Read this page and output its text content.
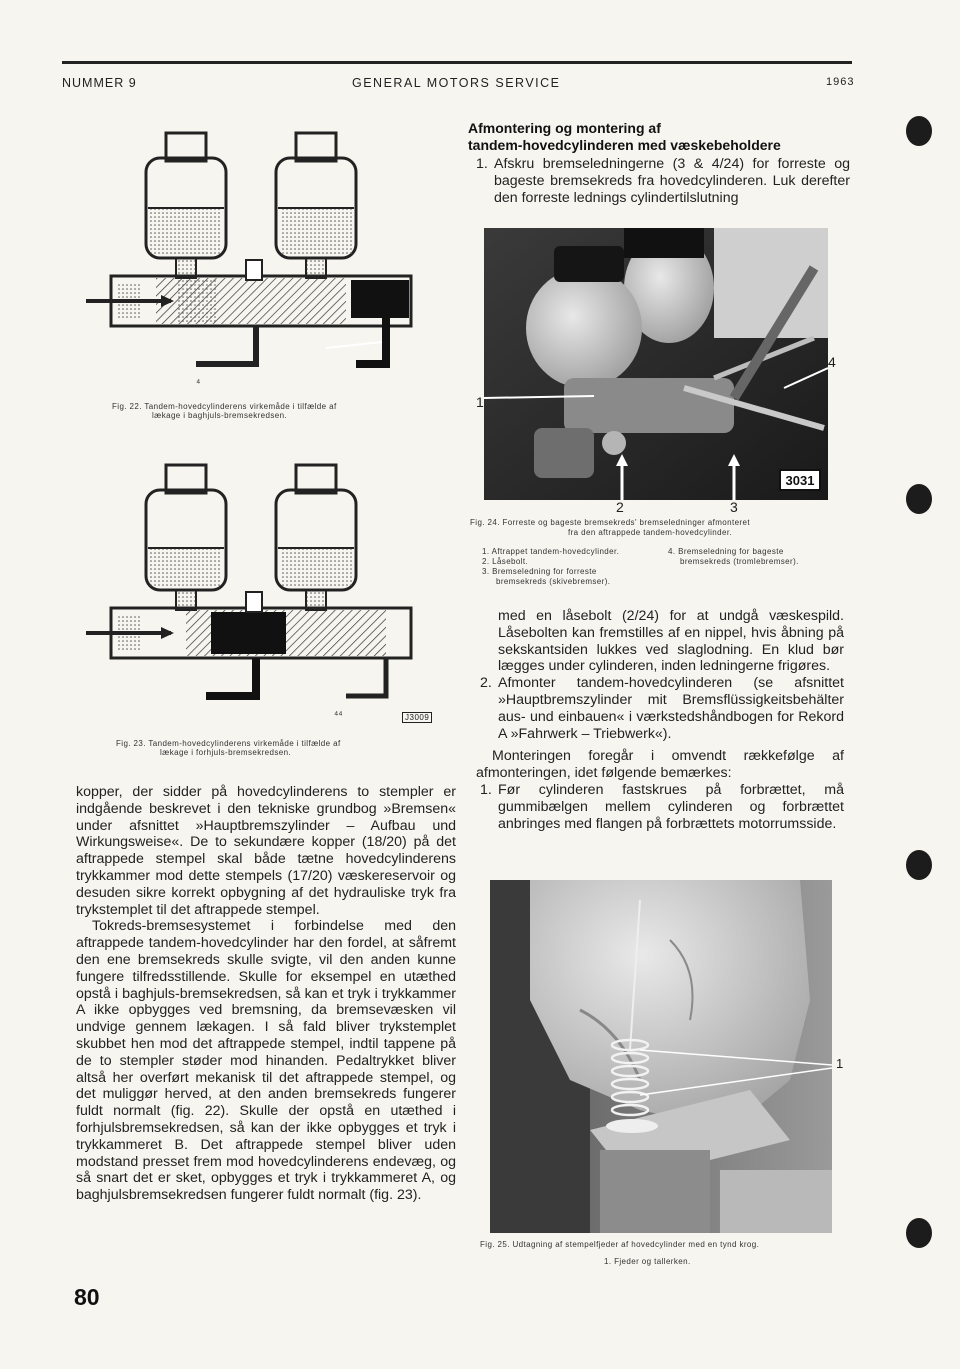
NUMMER 9	GENERAL MOTORS SERVICE	1963
⁴
Fig. 22. Tandem-hovedcylinderens virkemåde i tilfælde af
lækage i baghjuls-bremsekredsen.
⁴⁴	J3009
Fig. 23. Tandem-hovedcylinderens virkemåde i tilfælde af
lækage i forhjuls-bremsekredsen.

kopper, der sidder på hovedcylinderens to stempler er indgående beskrevet i den tekniske grundbog »Bremsen« under afsnittet »Hauptbremszylinder – Aufbau und Wirkungsweise«. De to sekundære kopper (18/20) på det aftrappede stempel skal både tætne hovedcylinderens trykkammer mod dette stempels (17/20) væskereservoir og desuden sikre korrekt opbygning af det hydrauliske tryk fra trykstemplet til det aftrappede stempel.

Tokreds-bremsesystemet i forbindelse med den aftrappede tandem-hovedcylinder har den fordel, at såfremt den ene bremsekreds skulle svigte, vil den anden kunne fungere tilfredsstillende. Skulle for eksempel en utæthed opstå i baghjuls-bremsekredsen, så kan et tryk i trykkammer A ikke opbygges ved bremsning, da bremsevæsken vil undvige gennem lækagen. I så fald bliver trykstemplet skubbet hen mod det aftrappede stempel, indtil tappene på de to stempler støder mod hinanden. Pedaltrykket bliver altså her overført mekanisk til det aftrappede stempel, og det muliggør herved, at den anden bremsekreds fungerer fuldt normalt (fig. 22). Skulle der opstå en utæthed i forhjulsbremsekredsen, så kan der ikke opbygges et tryk i trykkammeret B. Det aftrappede stempel bliver uden modstand presset frem mod hovedcylinderens endevæg, og så snart det er sket, opbygges et tryk i trykkammeret A, og baghjulsbremsekredsen fungerer fuldt normalt (fig. 23).

80
Afmontering og montering af
tandem-hovedcylinderen med væskebeholdere
1. Afskru bremseledningerne (3 & 4/24) for forreste og bageste bremsekreds fra hovedcylinderen. Luk derefter den forreste lednings cylindertilslutning
3031
1
4
2	3
Fig. 24. Forreste og bageste bremsekreds' bremseledninger afmonteret
fra den aftrappede tandem-hovedcylinder.
1. Aftrappet tandem-hovedcylinder.
2. Låsebolt.
3. Bremseledning for forreste
bremsekreds (skivebremser).
4. Bremseledning for bageste
bremsekreds (tromlebremser).

med en låsebolt (2/24) for at undgå væskespild. Låsebolten kan fremstilles af en nippel, hvis åbning på sekskantsiden lukkes ved slaglodning. En klud bør lægges under cylinderen, inden ledningerne frigøres.

2. Afmonter tandem-hovedcylinderen (se afsnittet »Hauptbremszylinder mit Bremsflüssigkeitsbehälter aus- und einbauen« i værkstedshåndbogen for Rekord A »Fahrwerk – Triebwerk«).

Monteringen foregår i omvendt rækkefølge af afmonteringen, idet følgende bemærkes:

1. Før cylinderen fastskrues på forbrættet, må gummibælgen mellem cylinderen og forbrættet anbringes med flangen på forbrættets motorrumsside.
1
Fig. 25. Udtagning af stempelfjeder af hovedcylinder med en tynd krog.
1. Fjeder og tallerken.
